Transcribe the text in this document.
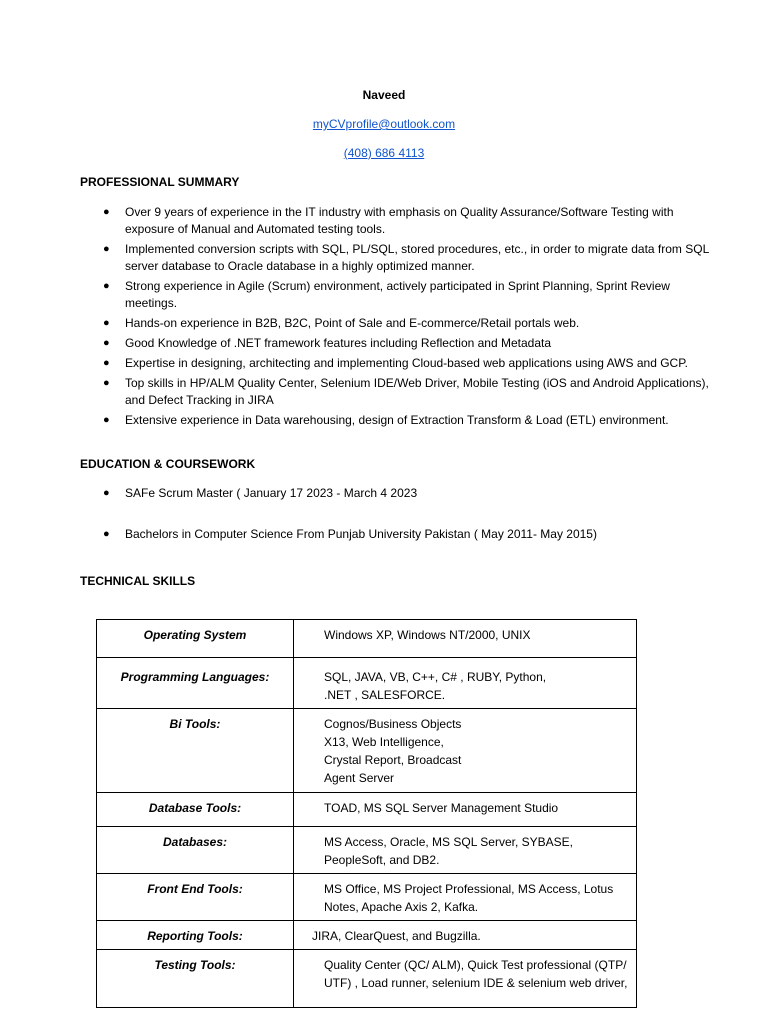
Naveed
myCVprofile@outlook.com
(408) 686 4113
PROFESSIONAL SUMMARY
● Over 9 years of experience in the IT industry with emphasis on Quality Assurance/Software Testing with exposure of Manual and Automated testing tools.
● Implemented conversion scripts with SQL, PL/SQL, stored procedures, etc., in order to migrate data from SQL server database to Oracle database in a highly optimized manner.
● Strong experience in Agile (Scrum) environment, actively participated in Sprint Planning, Sprint Review meetings.
● Hands-on experience in B2B, B2C, Point of Sale and E-commerce/Retail portals web.
● Good Knowledge of .NET framework features including Reflection and Metadata
● Expertise in designing, architecting and implementing Cloud-based web applications using AWS and GCP.
● Top skills in HP/ALM Quality Center, Selenium IDE/Web Driver, Mobile Testing (iOS and Android Applications), and Defect Tracking in JIRA
● Extensive experience in Data warehousing, design of Extraction Transform & Load (ETL) environment.
EDUCATION & COURSEWORK
● SAFe Scrum Master ( January 17 2023 - March 4 2023
● Bachelors in Computer Science From Punjab University Pakistan ( May 2011- May 2015)
TECHNICAL SKILLS
Operating System	Windows XP, Windows NT/2000, UNIX
Programming Languages:	SQL, JAVA, VB, C++, C# , RUBY, Python, .NET , SALESFORCE.
Bi Tools:	Cognos/Business Objects X13, Web Intelligence, Crystal Report, Broadcast Agent Server
Database Tools:	TOAD, MS SQL Server Management Studio
Databases:	MS Access, Oracle, MS SQL Server, SYBASE, PeopleSoft, and DB2.
Front End Tools:	MS Office, MS Project Professional, MS Access, Lotus Notes, Apache Axis 2, Kafka.
Reporting Tools:	JIRA, ClearQuest, and Bugzilla.
Testing Tools:	Quality Center (QC/ ALM), Quick Test professional (QTP/ UTF) , Load runner, selenium IDE & selenium web driver,
